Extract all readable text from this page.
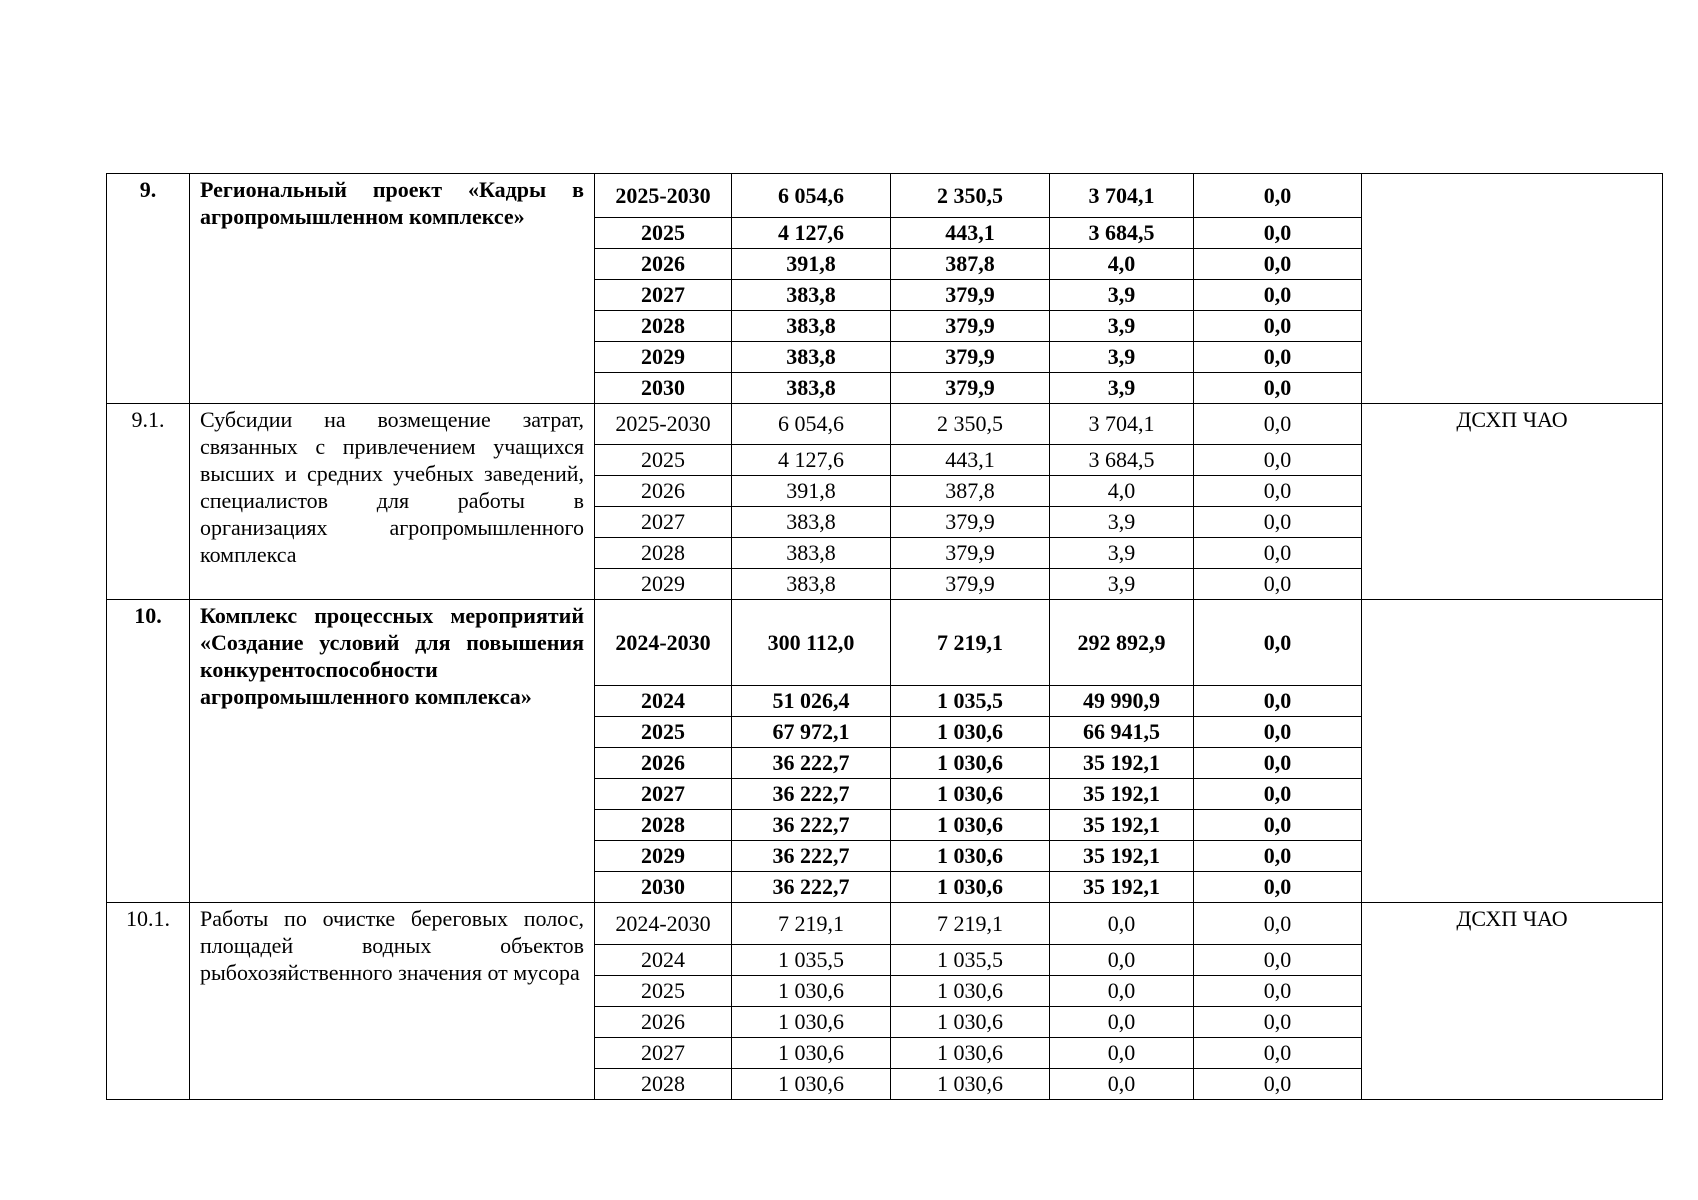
9.	Региональный проект «Кадры в агропромышленном комплексе»	2025-2030	6 054,6	2 350,5	3 704,1	0,0	
		2025	4 127,6	443,1	3 684,5	0,0	
		2026	391,8	387,8	4,0	0,0	
		2027	383,8	379,9	3,9	0,0	
		2028	383,8	379,9	3,9	0,0	
		2029	383,8	379,9	3,9	0,0	
		2030	383,8	379,9	3,9	0,0	
9.1.	Субсидии на возмещение затрат, связанных с привлечением учащихся высших и средних учебных заведений, специалистов для работы в организациях агропромышленного комплекса	2025-2030	6 054,6	2 350,5	3 704,1	0,0	ДСХП ЧАО
		2025	4 127,6	443,1	3 684,5	0,0	
		2026	391,8	387,8	4,0	0,0	
		2027	383,8	379,9	3,9	0,0	
		2028	383,8	379,9	3,9	0,0	
		2029	383,8	379,9	3,9	0,0	
10.	Комплекс процессных мероприятий «Создание условий для повышения конкурентоспособности агропромышленного комплекса»	2024-2030	300 112,0	7 219,1	292 892,9	0,0	
		2024	51 026,4	1 035,5	49 990,9	0,0	
		2025	67 972,1	1 030,6	66 941,5	0,0	
		2026	36 222,7	1 030,6	35 192,1	0,0	
		2027	36 222,7	1 030,6	35 192,1	0,0	
		2028	36 222,7	1 030,6	35 192,1	0,0	
		2029	36 222,7	1 030,6	35 192,1	0,0	
		2030	36 222,7	1 030,6	35 192,1	0,0	
10.1.	Работы по очистке береговых полос, площадей водных объектов рыбохозяйственного значения от мусора	2024-2030	7 219,1	7 219,1	0,0	0,0	ДСХП ЧАО
		2024	1 035,5	1 035,5	0,0	0,0	
		2025	1 030,6	1 030,6	0,0	0,0	
		2026	1 030,6	1 030,6	0,0	0,0	
		2027	1 030,6	1 030,6	0,0	0,0	
		2028	1 030,6	1 030,6	0,0	0,0	
